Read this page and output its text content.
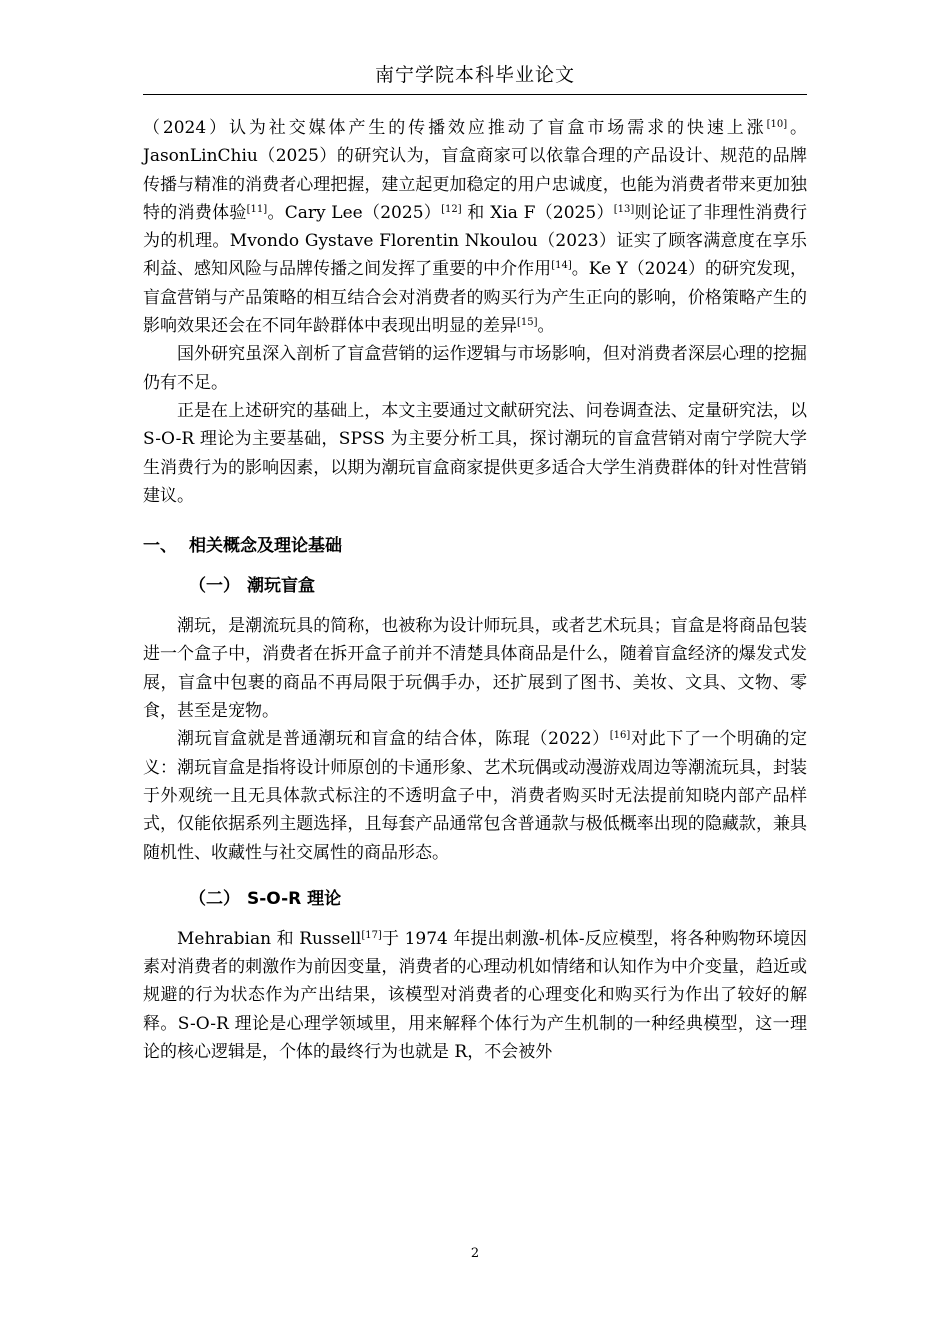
南宁学院本科毕业论文

（2024）认为社交媒体产生的传播效应推动了盲盒市场需求的快速上涨[10]。JasonLinChiu（2025）的研究认为，盲盒商家可以依靠合理的产品设计、规范的品牌传播与精准的消费者心理把握，建立起更加稳定的用户忠诚度，也能为消费者带来更加独特的消费体验[11]。Cary Lee（2025）[12] 和 Xia F（2025）[13]则论证了非理性消费行为的机理。Mvondo Gystave Florentin Nkoulou（2023）证实了顾客满意度在享乐利益、感知风险与品牌传播之间发挥了重要的中介作用[14]。Ke Y（2024）的研究发现，盲盒营销与产品策略的相互结合会对消费者的购买行为产生正向的影响，价格策略产生的影响效果还会在不同年龄群体中表现出明显的差异[15]。

国外研究虽深入剖析了盲盒营销的运作逻辑与市场影响，但对消费者深层心理的挖掘仍有不足。

正是在上述研究的基础上，本文主要通过文献研究法、问卷调查法、定量研究法，以 S-O-R 理论为主要基础，SPSS 为主要分析工具，探讨潮玩的盲盒营销对南宁学院大学生消费行为的影响因素，以期为潮玩盲盒商家提供更多适合大学生消费群体的针对性营销建议。

一、 相关概念及理论基础
（一） 潮玩盲盒

潮玩，是潮流玩具的简称，也被称为设计师玩具，或者艺术玩具；盲盒是将商品包装进一个盒子中，消费者在拆开盒子前并不清楚具体商品是什么，随着盲盒经济的爆发式发展，盲盒中包裹的商品不再局限于玩偶手办，还扩展到了图书、美妆、文具、文物、零食，甚至是宠物。

潮玩盲盒就是普通潮玩和盲盒的结合体，陈琨（2022）[16]对此下了一个明确的定义：潮玩盲盒是指将设计师原创的卡通形象、艺术玩偶或动漫游戏周边等潮流玩具，封装于外观统一且无具体款式标注的不透明盒子中，消费者购买时无法提前知晓内部产品样式，仅能依据系列主题选择，且每套产品通常包含普通款与极低概率出现的隐藏款，兼具随机性、收藏性与社交属性的商品形态。

（二） S-O-R 理论

Mehrabian 和 Russell[17]于 1974 年提出刺激-机体-反应模型，将各种购物环境因素对消费者的刺激作为前因变量，消费者的心理动机如情绪和认知作为中介变量，趋近或规避的行为状态作为产出结果，该模型对消费者的心理变化和购买行为作出了较好的解释。S-O-R 理论是心理学领域里，用来解释个体行为产生机制的一种经典模型，这一理论的核心逻辑是，个体的最终行为也就是 R，不会被外

2
